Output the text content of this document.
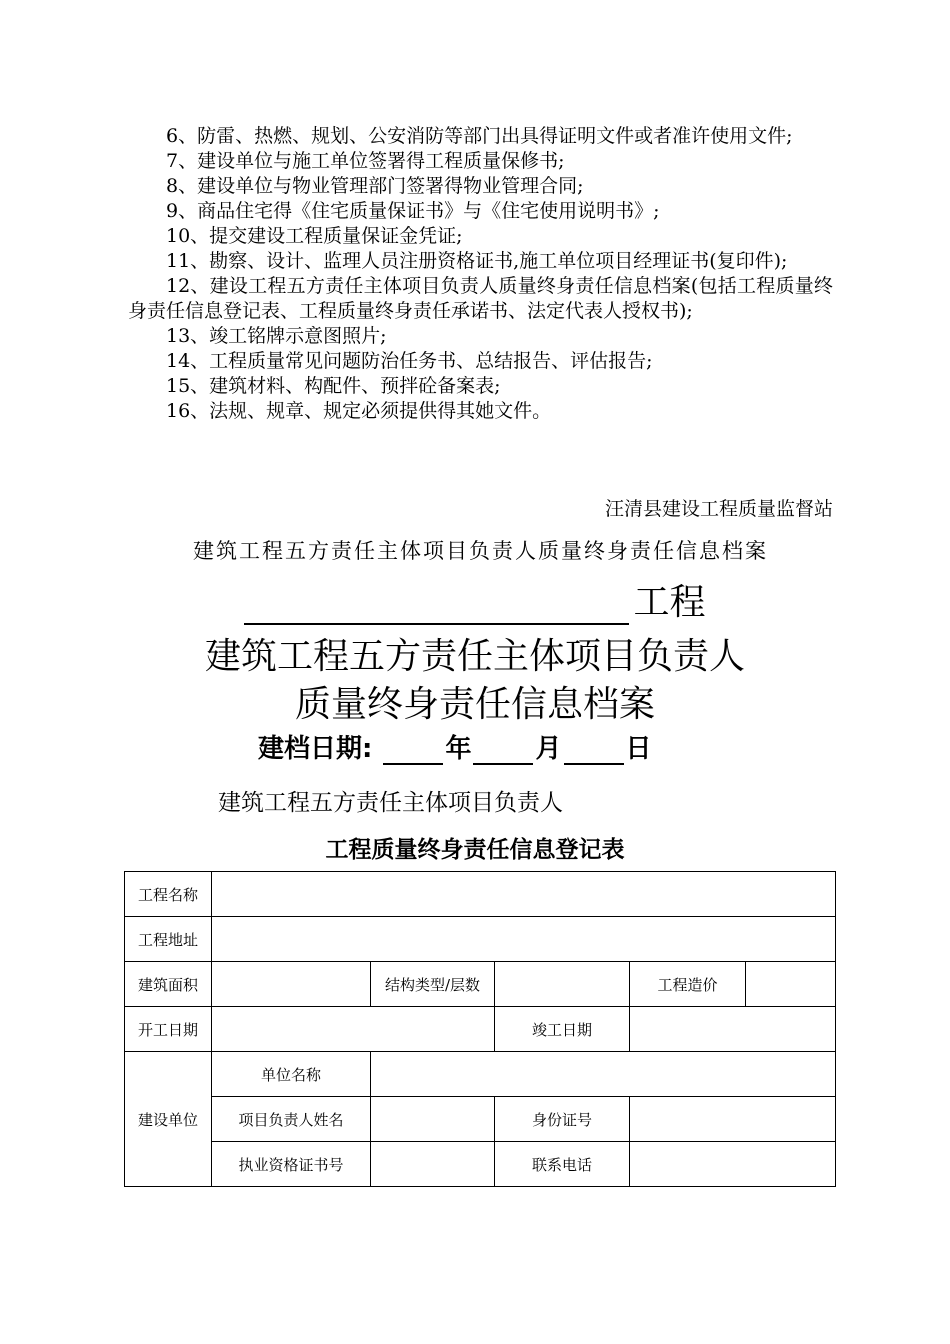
6、防雷、热燃、规划、公安消防等部门出具得证明文件或者准许使用文件;

7、建设单位与施工单位签署得工程质量保修书;

8、建设单位与物业管理部门签署得物业管理合同;

9、商品住宅得《住宅质量保证书》与《住宅使用说明书》;

10、提交建设工程质量保证金凭证;

11、勘察、设计、监理人员注册资格证书,施工单位项目经理证书(复印件);

12、建设工程五方责任主体项目负责人质量终身责任信息档案(包括工程质量终身责任信息登记表、工程质量终身责任承诺书、法定代表人授权书);

13、竣工铭牌示意图照片;

14、工程质量常见问题防治任务书、总结报告、评估报告;

15、建筑材料、构配件、预拌砼备案表;

16、法规、规章、规定必须提供得其她文件。

汪清县建设工程质量监督站
建筑工程五方责任主体项目负责人质量终身责任信息档案
工程
建筑工程五方责任主体项目负责人
质量终身责任信息档案
建档日期:	年 月 日
建筑工程五方责任主体项目负责人
工程质量终身责任信息登记表
工程名称					
工程地址					
建筑面积		结构类型/层数		工程造价	
开工日期			竣工日期		
建设单位	单位名称				
	项目负责人姓名		身份证号		
	执业资格证书号		联系电话		
